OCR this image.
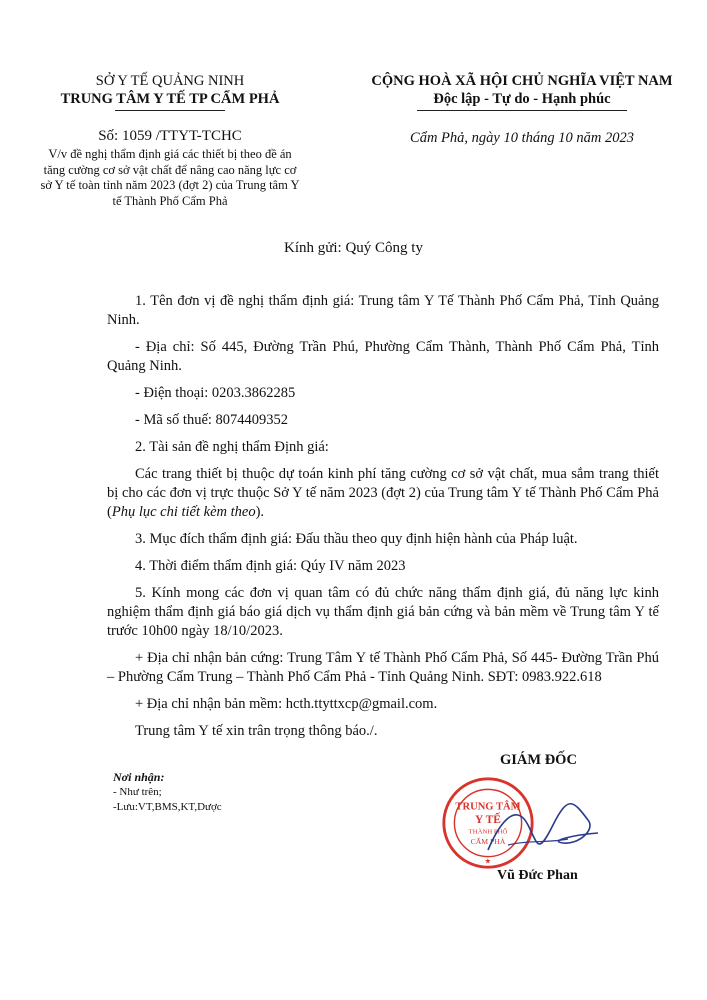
SỞ Y TẾ QUẢNG NINH
TRUNG TÂM Y TẾ TP CẨM PHẢ
CỘNG HOÀ XÃ HỘI CHỦ NGHĨA VIỆT NAM
Độc lập - Tự do - Hạnh phúc
Số: 1059 /TTYT-TCHC
V/v đề nghị thẩm định giá các thiết bị theo đề án tăng cường cơ sở vật chất để nâng cao năng lực cơ sở Y tế toàn tỉnh năm 2023 (đợt 2) của Trung tâm Y tế Thành Phố Cẩm Phả
Cẩm Phả, ngày 10 tháng 10 năm 2023
Kính gửi: Quý Công ty

1. Tên đơn vị đề nghị thẩm định giá: Trung tâm Y Tế Thành Phố Cẩm Phả, Tỉnh Quảng Ninh.

- Địa chỉ: Số 445, Đường Trần Phú, Phường Cẩm Thành, Thành Phố Cẩm Phả, Tỉnh Quảng Ninh.

- Điện thoại: 0203.3862285

- Mã số thuế: 8074409352

2. Tài sản đề nghị thẩm Định giá:

Các trang thiết bị thuộc dự toán kinh phí tăng cường cơ sở vật chất, mua sắm trang thiết bị cho các đơn vị trực thuộc Sở Y tế năm 2023 (đợt 2) của Trung tâm Y tế Thành Phố Cẩm Phả (Phụ lục chi tiết kèm theo).

3. Mục đích thẩm định giá: Đấu thầu theo quy định hiện hành của Pháp luật.

4. Thời điểm thẩm định giá: Qúy IV năm 2023

5. Kính mong các đơn vị quan tâm có đủ chức năng thẩm định giá, đủ năng lực kinh nghiệm thẩm định giá báo giá dịch vụ thẩm định giá bản cứng và bản mềm về Trung tâm Y tế trước 10h00 ngày 18/10/2023.

+ Địa chỉ nhận bản cứng: Trung Tâm Y tế Thành Phố Cẩm Phả, Số 445- Đường Trần Phú – Phường Cẩm Trung – Thành Phố Cẩm Phả - Tỉnh Quảng Ninh. SĐT: 0983.922.618

+ Địa chỉ nhận bản mềm: hcth.ttyttxcp@gmail.com.

Trung tâm Y tế xin trân trọng thông báo./.

Nơi nhận:
- Như trên;
-Lưu:VT,BMS,KT,Dược
GIÁM ĐỐC
TRUNG TÂM
Y TẾ
THÀNH PHỐ
CẨM PHẢ
★
Vũ Đức Phan
